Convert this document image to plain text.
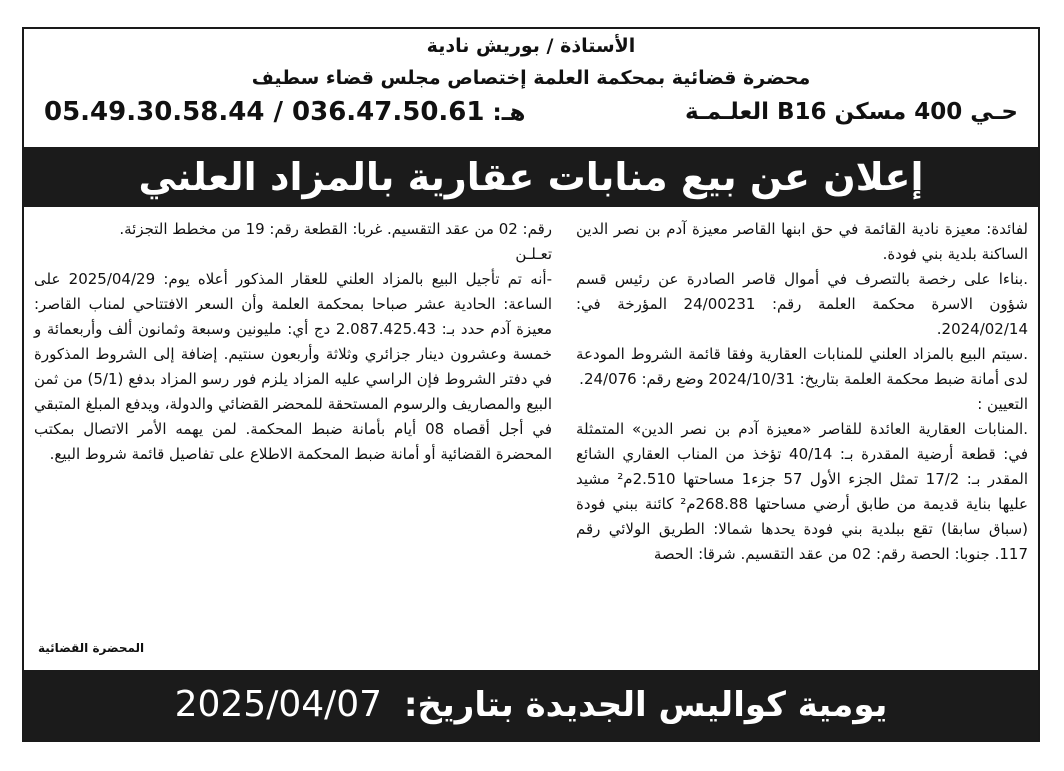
الأستاذة / بوريش نادية
محضرة قضائية بمحكمة العلمة إختصاص مجلس قضاء سطيف
حـي 400 مسكن B16 العلـمـة
هـ: 036.47.50.61 / 05.49.30.58.44
إعلان عن بيع منابات عقارية بالمزاد العلني

لفائدة: معيزة نادية القائمة في حق ابنها القاصر معيزة آدم بن نصر الدين الساكنة بلدية بني فودة.

.بناءا على رخصة بالتصرف في أموال قاصر الصادرة عن رئيس قسم شؤون الاسرة محكمة العلمة رقم: 24/00231 المؤرخة في: 2024/02/14.

.سيتم البيع بالمزاد العلني للمنابات العقارية وفقا قائمة الشروط المودعة لدى أمانة ضبط محكمة العلمة بتاريخ: 2024/10/31 وضع رقم: 24/076.

التعيين :

.المنابات العقارية العائدة للقاصر «معيزة آدم بن نصر الدين» المتمثلة في: قطعة أرضية المقدرة بـ: 40/14 تؤخذ من المناب العقاري الشائع المقدر بـ: 17/2 تمثل الجزء الأول 57 جزء1 مساحتها 2.510م² مشيد عليها بناية قديمة من طابق أرضي مساحتها 268.88م² كائنة ببني فودة (سباق سابقا) تقع ببلدية بني فودة يحدها شمالا: الطريق الولائي رقم 117. جنوبا: الحصة رقم: 02 من عقد التقسيم. شرقا: الحصة

رقم: 02 من عقد التقسيم. غربا: القطعة رقم: 19 من مخطط التجزئة.

تعـلـن

-أنه تم تأجيل البيع بالمزاد العلني للعقار المذكور أعلاه يوم: 2025/04/29 على الساعة: الحادية عشر صباحا بمحكمة العلمة وأن السعر الافتتاحي لمناب القاصر: معيزة آدم حدد بـ: 2.087.425.43 دج أي: مليونين وسبعة وثمانون ألف وأربعمائة و خمسة وعشرون دينار جزائري وثلاثة وأربعون سنتيم. إضافة إلى الشروط المذكورة في دفتر الشروط فإن الراسي عليه المزاد يلزم فور رسو المزاد بدفع (5/1) من ثمن البيع والمصاريف والرسوم المستحقة للمحضر القضائي والدولة، ويدفع المبلغ المتبقي في أجل أقصاه 08 أيام بأمانة ضبط المحكمة. لمن يهمه الأمر الاتصال بمكتب المحضرة القضائية أو أمانة ضبط المحكمة الاطلاع على تفاصيل قائمة شروط البيع.

المحضرة القضائية
يومية كواليس الجديدة بتاريخ: 2025/04/07
